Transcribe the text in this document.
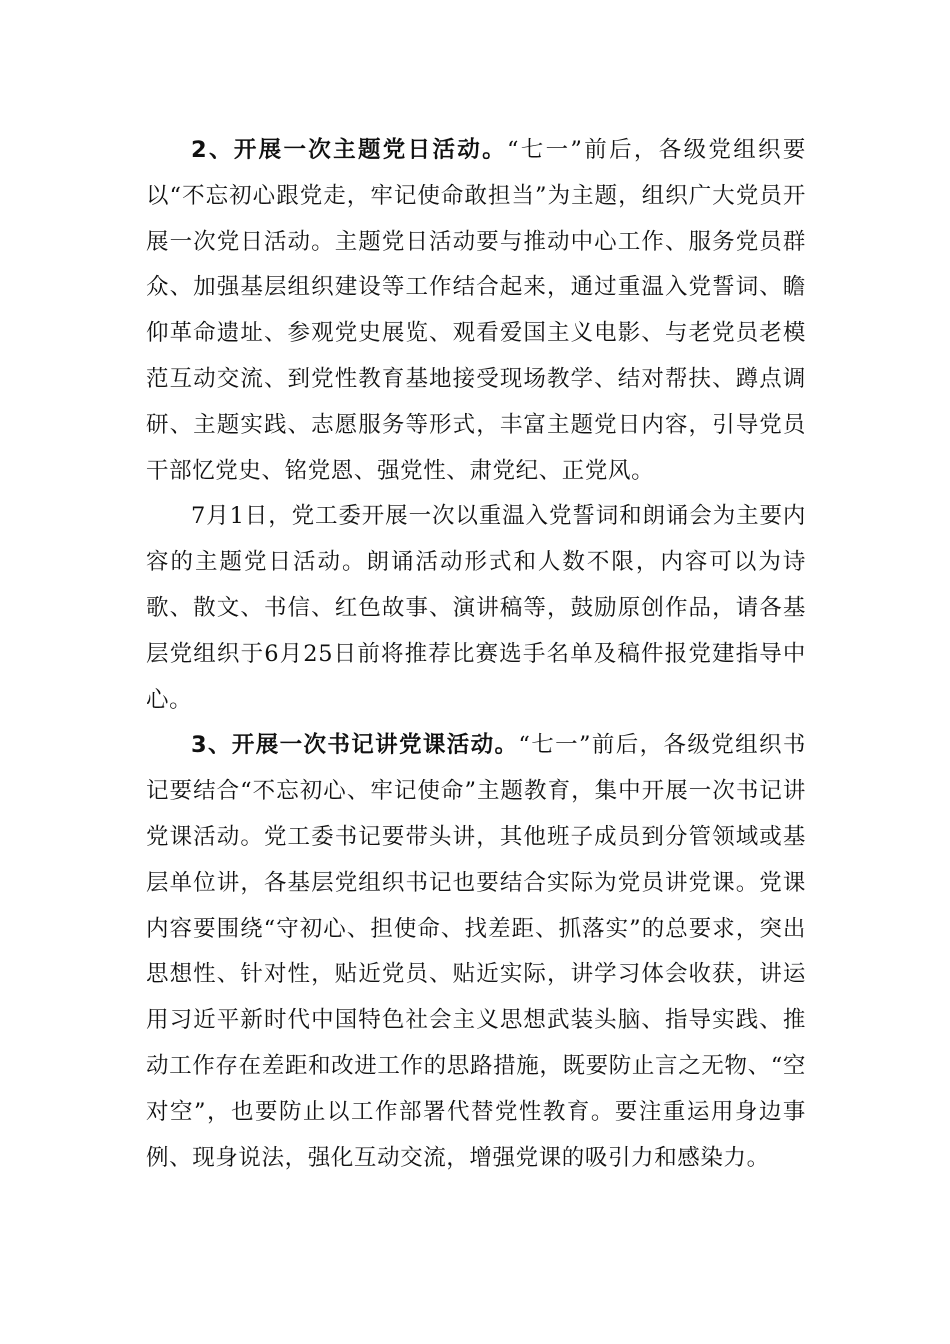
2、开展一次主题党日活动。“七一”前后，各级党组织要以“不忘初心跟党走，牢记使命敢担当”为主题，组织广大党员开展一次党日活动。主题党日活动要与推动中心工作、服务党员群众、加强基层组织建设等工作结合起来，通过重温入党誓词、瞻仰革命遗址、参观党史展览、观看爱国主义电影、与老党员老模范互动交流、到党性教育基地接受现场教学、结对帮扶、蹲点调研、主题实践、志愿服务等形式，丰富主题党日内容，引导党员干部忆党史、铭党恩、强党性、肃党纪、正党风。

7月1日，党工委开展一次以重温入党誓词和朗诵会为主要内容的主题党日活动。朗诵活动形式和人数不限，内容可以为诗歌、散文、书信、红色故事、演讲稿等，鼓励原创作品，请各基层党组织于6月25日前将推荐比赛选手名单及稿件报党建指导中心。

3、开展一次书记讲党课活动。“七一”前后，各级党组织书记要结合“不忘初心、牢记使命”主题教育，集中开展一次书记讲党课活动。党工委书记要带头讲，其他班子成员到分管领域或基层单位讲，各基层党组织书记也要结合实际为党员讲党课。党课内容要围绕“守初心、担使命、找差距、抓落实”的总要求，突出思想性、针对性，贴近党员、贴近实际，讲学习体会收获，讲运用习近平新时代中国特色社会主义思想武装头脑、指导实践、推动工作存在差距和改进工作的思路措施，既要防止言之无物、“空对空”，也要防止以工作部署代替党性教育。要注重运用身边事例、现身说法，强化互动交流，增强党课的吸引力和感染力。
